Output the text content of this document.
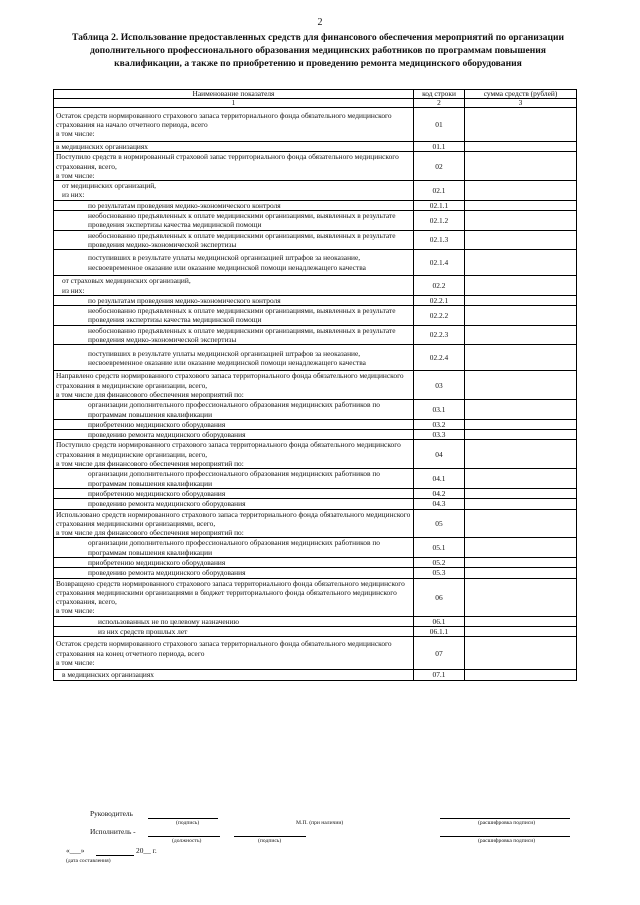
2
Таблица 2. Использование предоставленных средств для финансового обеспечения мероприятий по организации дополнительного профессионального образования медицинских работников по программам повышения квалификации, а также по приобретению и проведению ремонта медицинского оборудования
Наименование показателя	код строки	сумма средств (рублей)
1	2	3
Остаток средств нормированного страхового запаса территориального фонда обязательного медицинского страхования на начало отчетного периода, всего
в том числе:	01	
в медицинских организациях	01.1	
Поступило средств в нормированный страховой запас территориального фонда обязательного медицинского страхования, всего,
в том числе:	02	
от медицинских организаций,
из них:	02.1	
по результатам проведения медико-экономического контроля	02.1.1	
необоснованно предъявленных к оплате медицинскими организациями, выявленных в результате проведения экспертизы качества медицинской помощи	02.1.2	
необоснованно предъявленных к оплате медицинскими организациями, выявленных в результате проведения медико-экономической экспертизы	02.1.3	
поступивших в результате уплаты медицинской организацией штрафов за неоказание, несвоевременное оказание или оказание медицинской помощи ненадлежащего качества	02.1.4	
от страховых медицинских организаций,
из них:	02.2	
по результатам проведения медико-экономического контроля	02.2.1	
необоснованно предъявленных к оплате медицинскими организациями, выявленных в результате проведения экспертизы качества медицинской помощи	02.2.2	
необоснованно предъявленных к оплате медицинскими организациями, выявленных в результате проведения медико-экономической экспертизы	02.2.3	
поступивших в результате уплаты медицинской организацией штрафов за неоказание, несвоевременное оказание или оказание медицинской помощи ненадлежащего качества	02.2.4	
Направлено средств нормированного страхового запаса территориального фонда обязательного медицинского страхования в медицинские организации, всего,
в том числе для финансового обеспечения мероприятий по:	03	
организации дополнительного профессионального образования медицинских работников по программам повышения квалификации	03.1	
приобретению медицинского оборудования	03.2	
проведению ремонта медицинского оборудования	03.3	
Поступило средств нормированного страхового запаса территориального фонда обязательного медицинского страхования в медицинские организации, всего,
в том числе для финансового обеспечения мероприятий по:	04	
организации дополнительного профессионального образования медицинских работников по программам повышения квалификации	04.1	
приобретению медицинского оборудования	04.2	
проведению ремонта медицинского оборудования	04.3	
Использовано средств нормированного страхового запаса территориального фонда обязательного медицинского страхования медицинскими организациями, всего,
в том числе для финансового обеспечения мероприятий по:	05	
организации дополнительного профессионального образования медицинских работников по программам повышения квалификации	05.1	
приобретению медицинского оборудования	05.2	
проведению ремонта медицинского оборудования	05.3	
Возвращено средств нормированного страхового запаса территориального фонда обязательного медицинского страхования медицинскими организациями в бюджет территориального фонда обязательного медицинского страхования, всего,
в том числе:	06	
использованных не по целевому назначению	06.1	
из них средств прошлых лет	06.1.1	
Остаток средств нормированного страхового запаса территориального фонда обязательного медицинского страхования на конец отчетного периода, всего
в том числе:	07	
в медицинских организациях	07.1	
Руководитель
(подпись)	М.П. (при наличии)	(расшифровка подписи)
Исполнитель -
(должность)	(подпись)	(расшифровка подписи)
«___»	20__ г.
(дата составления)
